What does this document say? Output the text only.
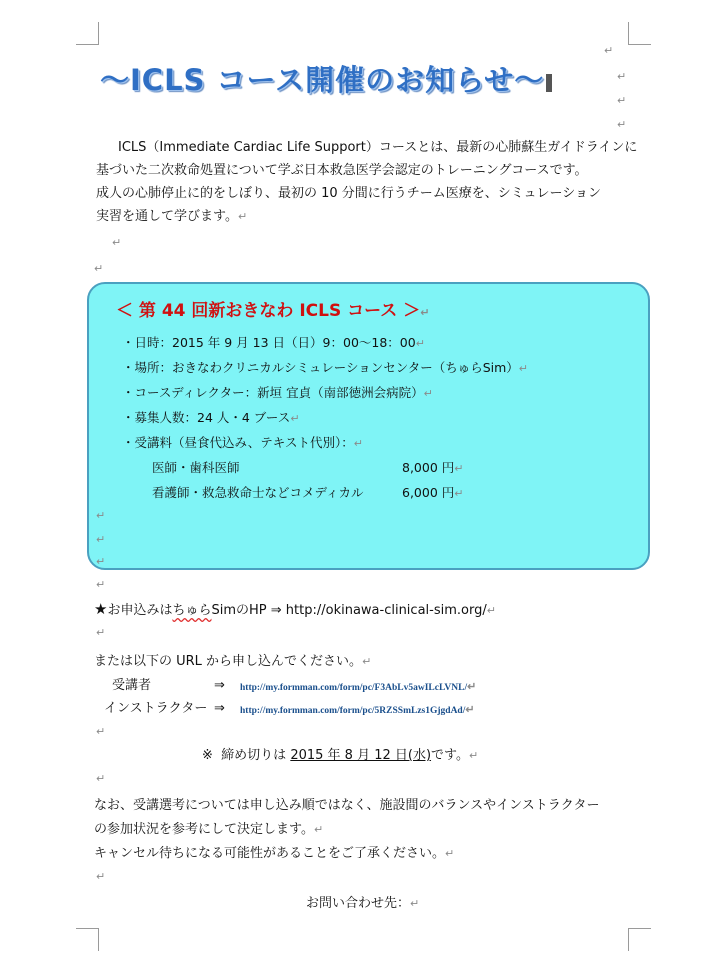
↵
↵
↵
↵
～ICLS コース開催のお知らせ～
ICLS（Immediate Cardiac Life Support）コースとは、最新の心肺蘇生ガイドラインに
基づいた二次救命処置について学ぶ日本救急医学会認定のトレーニングコースです。
成人の心肺停止に的をしぼり、最初の 10 分間に行うチーム医療を、シミュレーション
実習を通して学びます。↵
↵
↵
＜ 第 44 回新おきなわ ICLS コース ＞↵
・日時：2015 年 9 月 13 日（日）9：00～18：00↵
・場所：おきなわクリニカルシミュレーションセンター（ちゅらSim）↵
・コースディレクター：新垣 宜貞（南部徳洲会病院）↵
・募集人数：24 人・4 ブース↵
・受講料（昼食代込み、テキスト代別）：↵
医師・歯科医師	8,000 円↵
看護師・救急救命士などコメディカル	6,000 円↵
↵
↵
↵
↵
★お申込みはちゅらSimのHP ⇒ http://okinawa-clinical-sim.org/↵
↵
または以下の URL から申し込んでください。↵
受講者	⇒ http://my.formman.com/form/pc/F3AbLv5awILcLVNL/↵
インストラクター ⇒ http://my.formman.com/form/pc/5RZSSmLzs1GjgdAd/↵
↵
※ 締め切りは 2015 年 8 月 12 日(水)です。↵
↵
なお、受講選考については申し込み順ではなく、施設間のバランスやインストラクター
の参加状況を参考にして決定します。↵
キャンセル待ちになる可能性があることをご了承ください。↵
↵
お問い合わせ先：↵
